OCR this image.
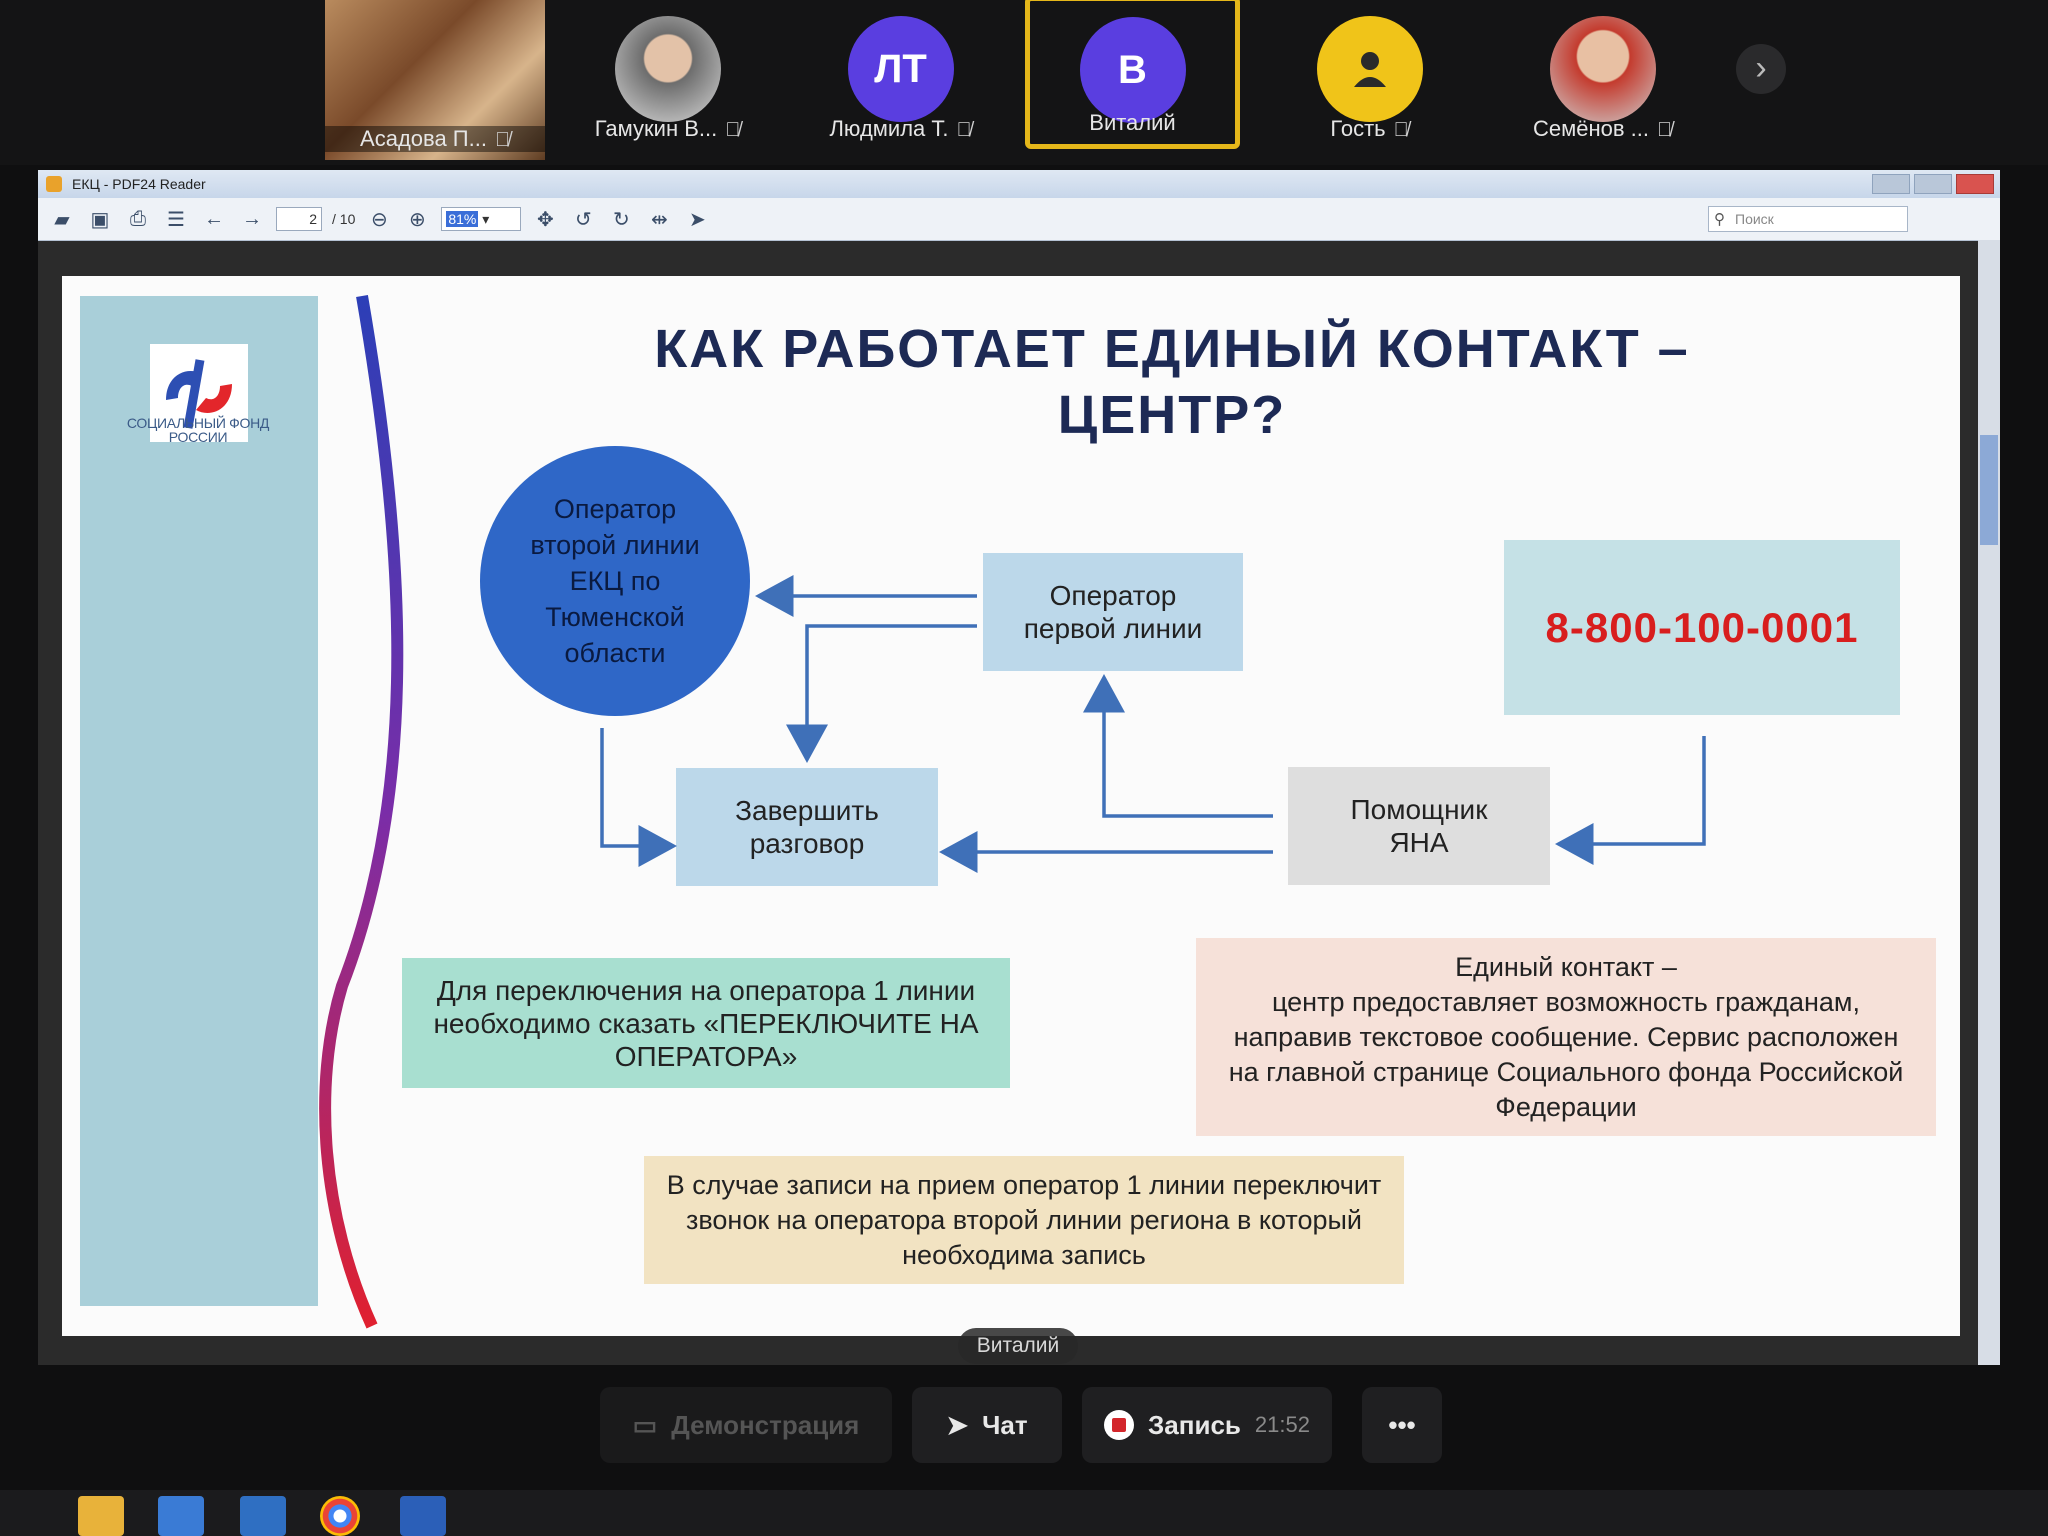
Асадова П... 🎙̸	Гамукин В... 🎙̸
ЛТ
Людмила Т. 🎙̸
В
Виталий	Гость 🎙̸	Семёнов ... 🎙̸
›
ЕКЦ - PDF24 Reader
▰	▣	⎙	☰ ← →	2	/ 10 ⊖ ⊕	81% ▾	✥ ↺ ↻ ⇹ ➤	⚲ Поиск
СОЦИАЛЬНЫЙ ФОНД РОССИИ
КАК РАБОТАЕТ ЕДИНЫЙ КОНТАКТ –
ЦЕНТР?
Оператор второй линии ЕКЦ по Тюменской области
Оператор первой линии
Завершить разговор
Помощник ЯНА
8-800-100-0001
Для переключения на оператора 1 линии необходимо сказать «ПЕРЕКЛЮЧИТЕ НА ОПЕРАТОРА»
Единый контакт –
центр предоставляет возможность гражданам, направив текстовое сообщение. Сервис расположен на главной странице Социального фонда Российской Федерации
В случае записи на прием оператор 1 линии переключит звонок на оператора второй линии региона в который необходима запись
Виталий
▭ Демонстрация	➤ Чат	Запись 21:52	•••
